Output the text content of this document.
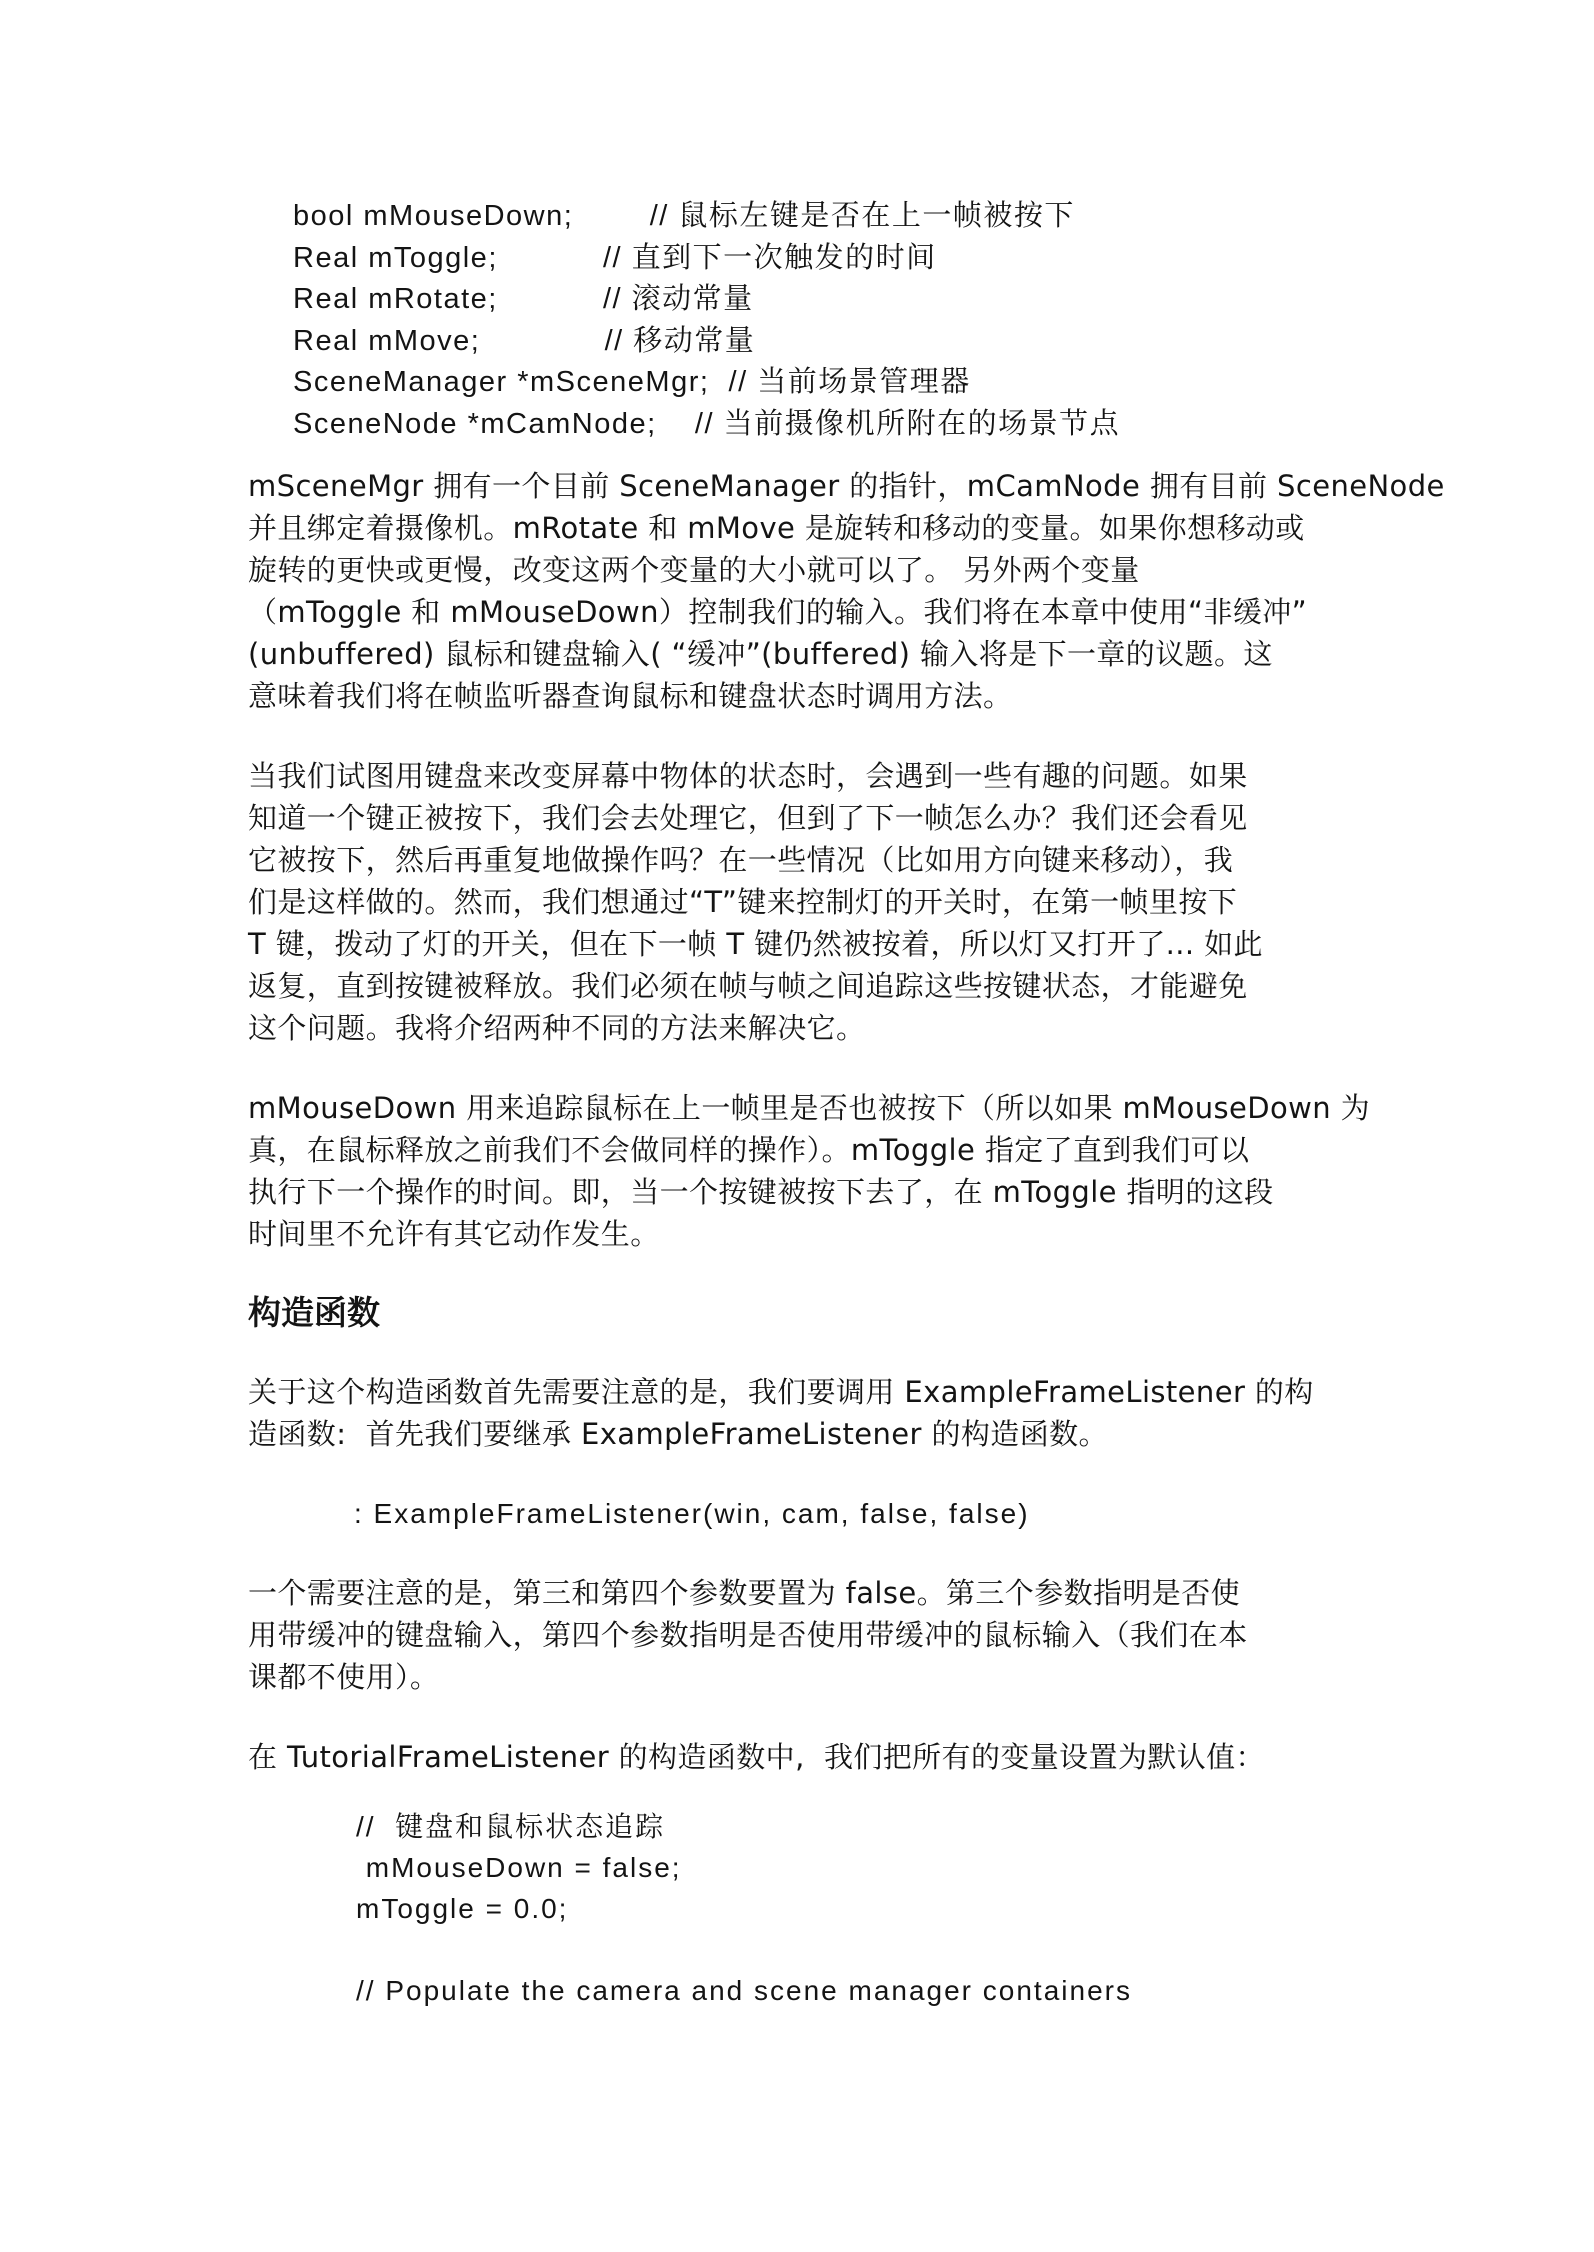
bool mMouseDown;        // 鼠标左键是否在上一帧被按下
Real mToggle;           // 直到下一次触发的时间
Real mRotate;           // 滚动常量
Real mMove;             // 移动常量
SceneManager *mSceneMgr;  // 当前场景管理器
SceneNode *mCamNode;    // 当前摄像机所附在的场景节点
mSceneMgr 拥有一个目前 SceneManager 的指针，mCamNode 拥有目前 SceneNode
并且绑定着摄像机。mRotate 和 mMove 是旋转和移动的变量。如果你想移动或
旋转的更快或更慢，改变这两个变量的大小就可以了。 另外两个变量
（mToggle 和 mMouseDown）控制我们的输入。我们将在本章中使用“非缓冲”
(unbuffered) 鼠标和键盘输入( “缓冲”(buffered) 输入将是下一章的议题。这
意味着我们将在帧监听器查询鼠标和键盘状态时调用方法。
当我们试图用键盘来改变屏幕中物体的状态时，会遇到一些有趣的问题。如果
知道一个键正被按下，我们会去处理它，但到了下一帧怎么办？我们还会看见
它被按下，然后再重复地做操作吗？在一些情况（比如用方向键来移动），我
们是这样做的。然而，我们想通过“T”键来控制灯的开关时，在第一帧里按下
T 键，拨动了灯的开关，但在下一帧 T 键仍然被按着，所以灯又打开了... 如此
返复，直到按键被释放。我们必须在帧与帧之间追踪这些按键状态，才能避免
这个问题。我将介绍两种不同的方法来解决它。
mMouseDown 用来追踪鼠标在上一帧里是否也被按下（所以如果 mMouseDown 为
真，在鼠标释放之前我们不会做同样的操作）。mToggle 指定了直到我们可以
执行下一个操作的时间。即，当一个按键被按下去了，在 mToggle 指明的这段
时间里不允许有其它动作发生。
构造函数
关于这个构造函数首先需要注意的是，我们要调用 ExampleFrameListener 的构
造函数:  首先我们要继承 ExampleFrameListener 的构造函数。
: ExampleFrameListener(win, cam, false, false)
一个需要注意的是，第三和第四个参数要置为 false。第三个参数指明是否使
用带缓冲的键盘输入，第四个参数指明是否使用带缓冲的鼠标输入（我们在本
课都不使用）。
在 TutorialFrameListener 的构造函数中,  我们把所有的变量设置为默认值：
//  键盘和鼠标状态追踪
mMouseDown = false;
mToggle = 0.0;

// Populate the camera and scene manager containers
